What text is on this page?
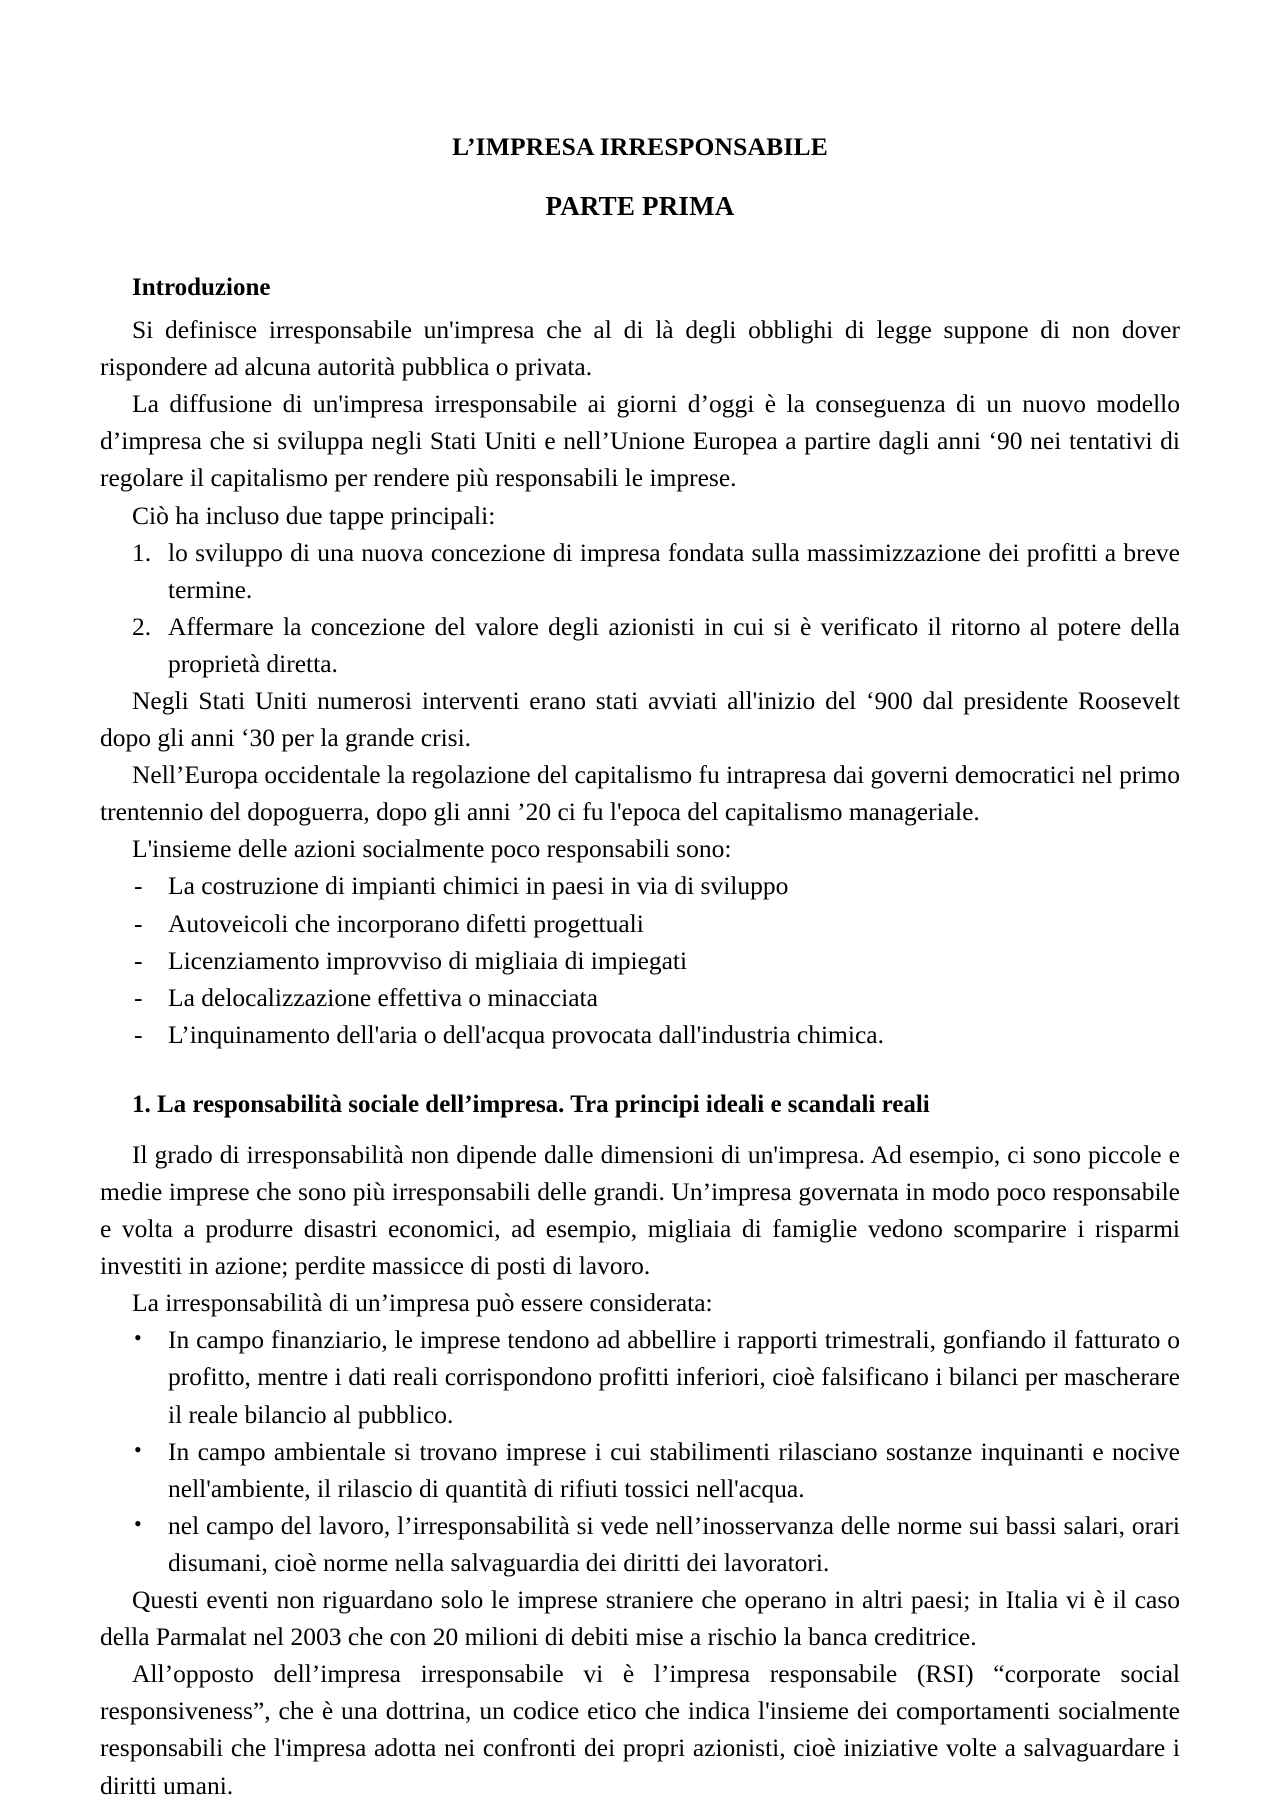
L’IMPRESA IRRESPONSABILE
PARTE PRIMA
Introduzione

Si definisce irresponsabile un'impresa che al di là degli obblighi di legge suppone di non dover rispondere ad alcuna autorità pubblica o privata.

La diffusione di un'impresa irresponsabile ai giorni d’oggi è la conseguenza di un nuovo modello d’impresa che si sviluppa negli Stati Uniti e nell’Unione Europea a partire dagli anni ‘90 nei tentativi di regolare il capitalismo per rendere più responsabili le imprese.

Ciò ha incluso due tappe principali:

1. lo sviluppo di una nuova concezione di impresa fondata sulla massimizzazione dei profitti a breve termine.
2. Affermare la concezione del valore degli azionisti in cui si è verificato il ritorno al potere della proprietà diretta.

Negli Stati Uniti numerosi interventi erano stati avviati all'inizio del ‘900 dal presidente Roosevelt dopo gli anni ‘30 per la grande crisi.

Nell’Europa occidentale la regolazione del capitalismo fu intrapresa dai governi democratici nel primo trentennio del dopoguerra, dopo gli anni ’20 ci fu l'epoca del capitalismo manageriale.

L'insieme delle azioni socialmente poco responsabili sono:

-	La costruzione di impianti chimici in paesi in via di sviluppo
-	Autoveicoli che incorporano difetti progettuali
-	Licenziamento improvviso di migliaia di impiegati
-	La delocalizzazione effettiva o minacciata
-	L’inquinamento dell'aria o dell'acqua provocata dall'industria chimica.
1. La responsabilità sociale dell’impresa. Tra principi ideali e scandali reali

Il grado di irresponsabilità non dipende dalle dimensioni di un'impresa. Ad esempio, ci sono piccole e medie imprese che sono più irresponsabili delle grandi. Un’impresa governata in modo poco responsabile e volta a produrre disastri economici, ad esempio, migliaia di famiglie vedono scomparire i risparmi investiti in azione; perdite massicce di posti di lavoro.

La irresponsabilità di un’impresa può essere considerata:

•	In campo finanziario, le imprese tendono ad abbellire i rapporti trimestrali, gonfiando il fatturato o profitto, mentre i dati reali corrispondono profitti inferiori, cioè falsificano i bilanci per mascherare il reale bilancio al pubblico.
•	In campo ambientale si trovano imprese i cui stabilimenti rilasciano sostanze inquinanti e nocive nell'ambiente, il rilascio di quantità di rifiuti tossici nell'acqua.
•	nel campo del lavoro, l’irresponsabilità si vede nell’inosservanza delle norme sui bassi salari, orari disumani, cioè norme nella salvaguardia dei diritti dei lavoratori.

Questi eventi non riguardano solo le imprese straniere che operano in altri paesi; in Italia vi è il caso della Parmalat nel 2003 che con 20 milioni di debiti mise a rischio la banca creditrice.

All’opposto dell’impresa irresponsabile vi è l’impresa responsabile (RSI) “corporate social responsiveness”, che è una dottrina, un codice etico che indica l'insieme dei comportamenti socialmente responsabili che l'impresa adotta nei confronti dei propri azionisti, cioè iniziative volte a salvaguardare i diritti umani.
